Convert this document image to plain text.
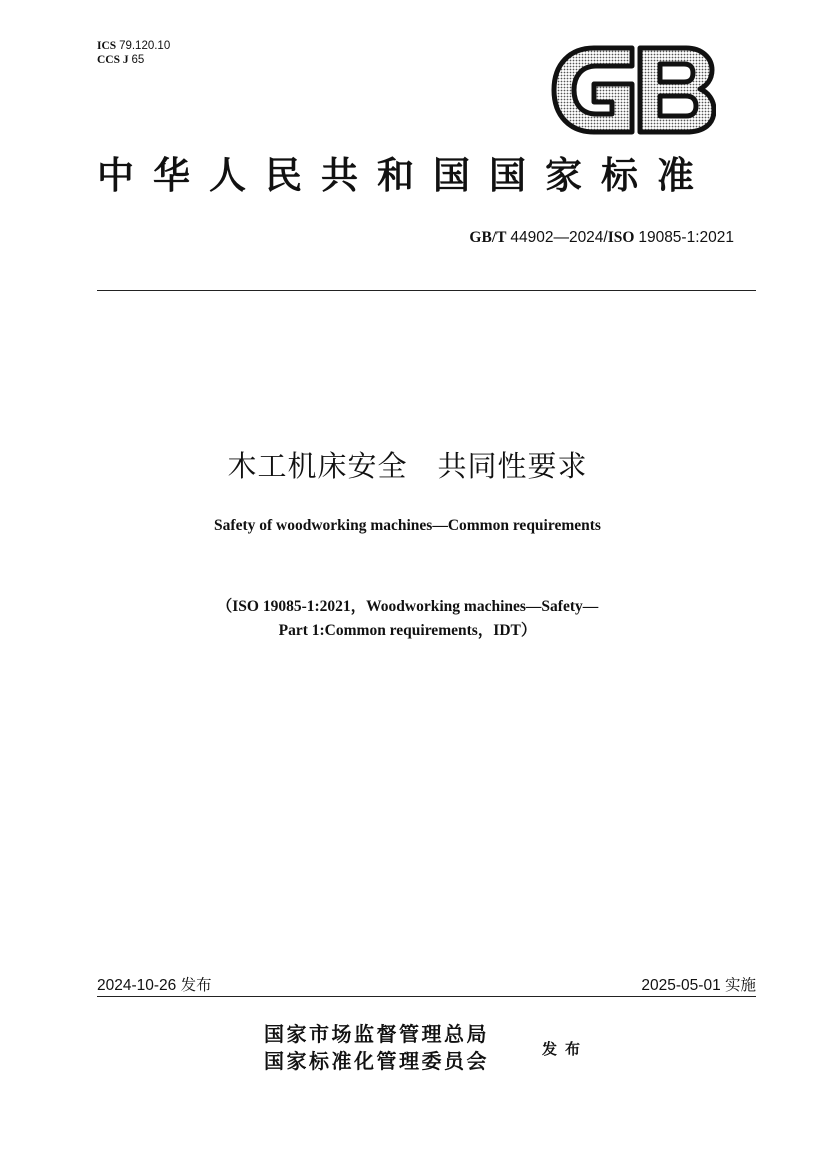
ICS 79.120.10
CCS J 65
GB
中华人民共和国国家标准
GB/T 44902—2024/ISO 19085-1:2021
木工机床安全　共同性要求
Safety of woodworking machines—Common requirements
（ISO 19085-1:2021，Woodworking machines—Safety—
Part 1:Common requirements，IDT）
2024-10-26 发布	2025-05-01 实施
国家市场监督管理总局
国家标准化管理委员会	发布
